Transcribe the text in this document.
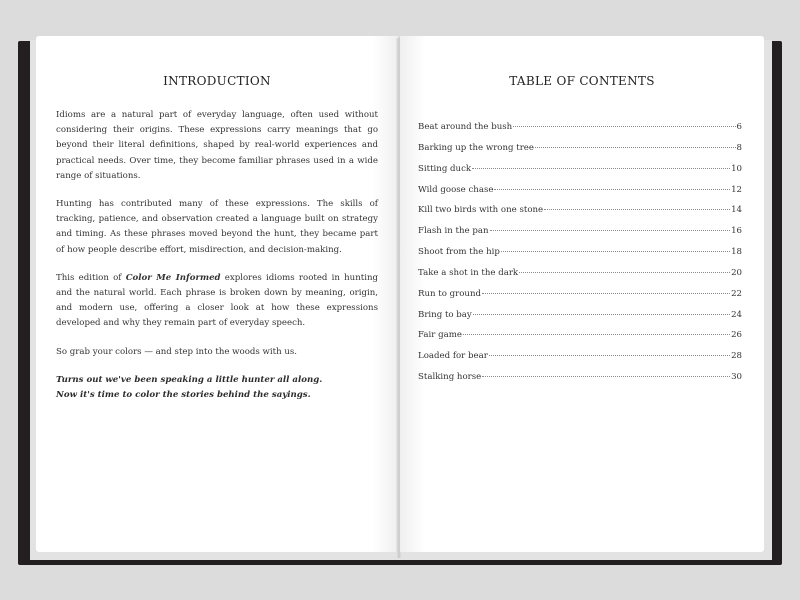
INTRODUCTION

Idioms are a natural part of everyday language, often used without considering their origins. These expressions carry meanings that go beyond their literal definitions, shaped by real-world experiences and practical needs. Over time, they become familiar phrases used in a wide range of situations.

Hunting has contributed many of these expressions. The skills of tracking, patience, and observation created a language built on strategy and timing. As these phrases moved beyond the hunt, they became part of how people describe effort, misdirection, and decision-making.

This edition of Color Me Informed explores idioms rooted in hunting and the natural world. Each phrase is broken down by meaning, origin, and modern use, offering a closer look at how these expressions developed and why they remain part of everyday speech.

So grab your colors — and step into the woods with us.

Turns out we've been speaking a little hunter all along.
Now it's time to color the stories behind the sayings.

TABLE OF CONTENTS
Beat around the bush	6
Barking up the wrong tree	8
Sitting duck	10
Wild goose chase	12
Kill two birds with one stone	14
Flash in the pan	16
Shoot from the hip	18
Take a shot in the dark	20
Run to ground	22
Bring to bay	24
Fair game	26
Loaded for bear	28
Stalking horse	30
